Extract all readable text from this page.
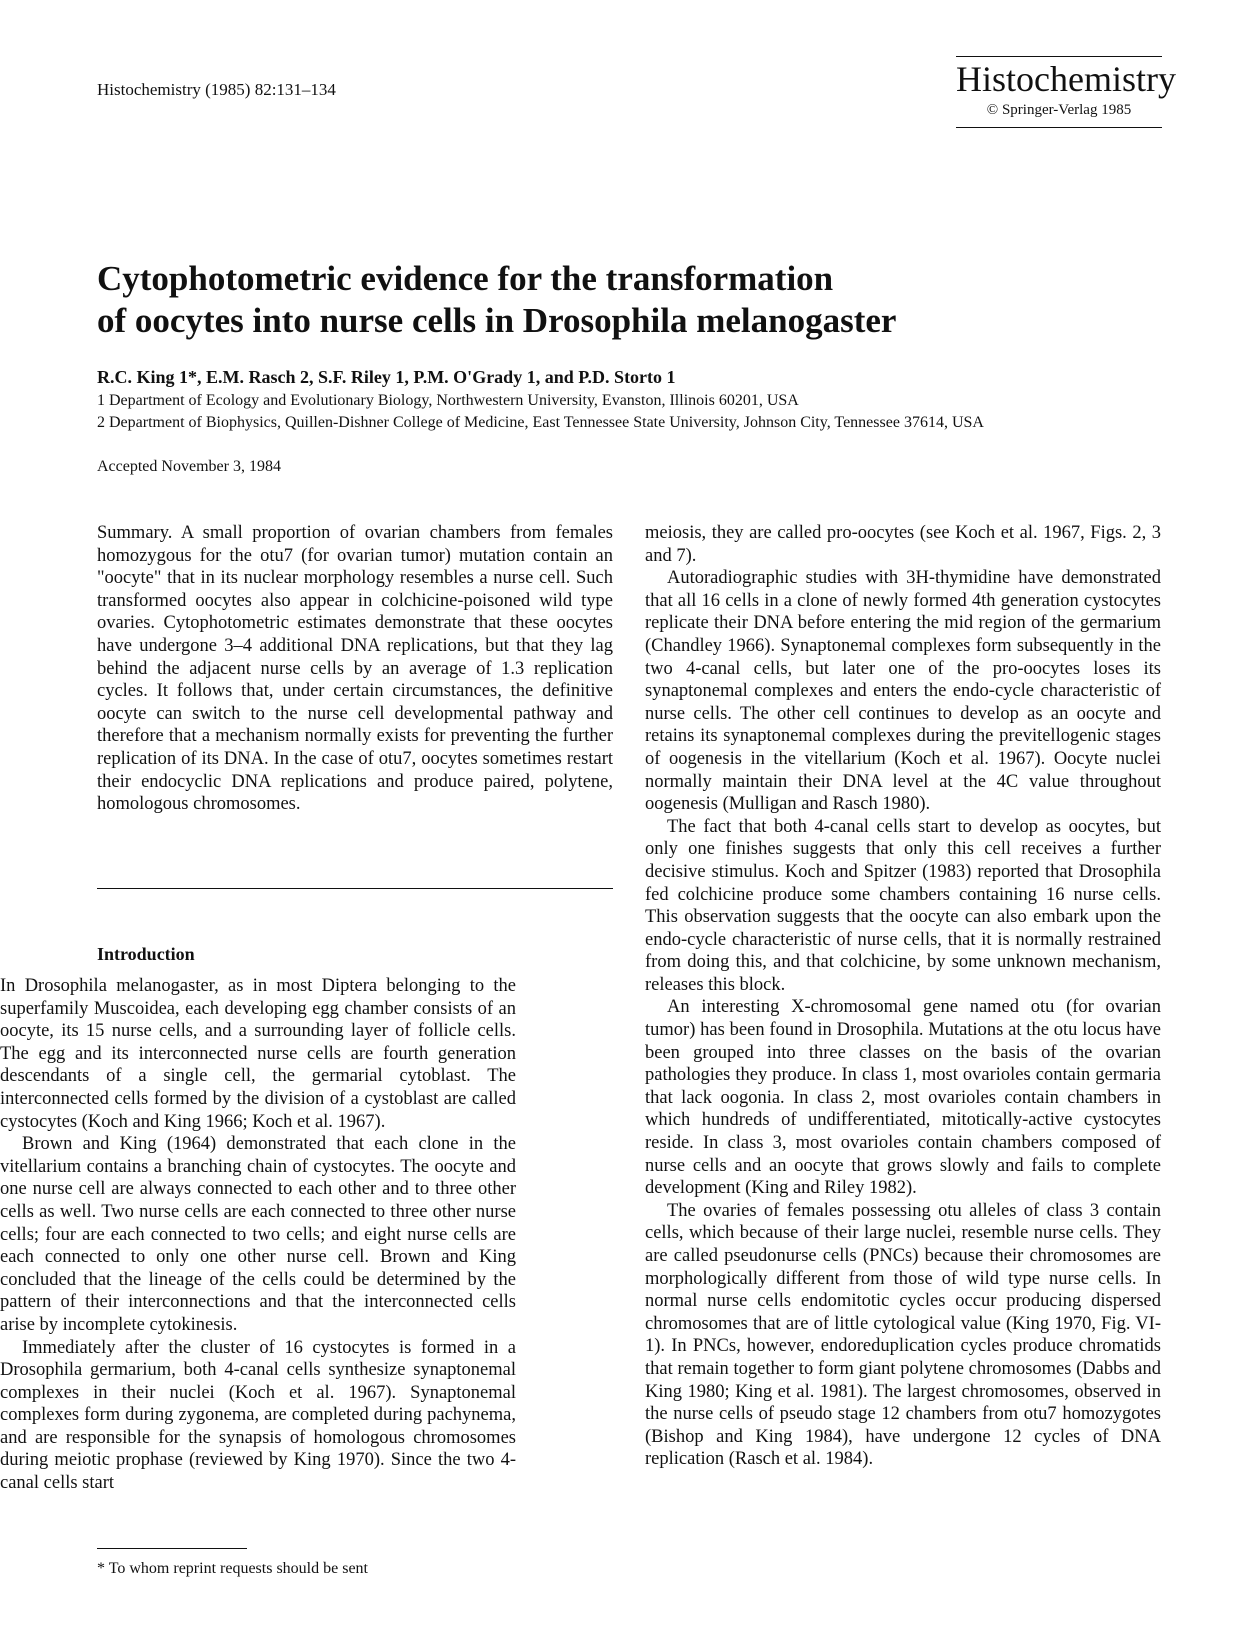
Histochemistry (1985) 82:131–134	Histochemistry
© Springer-Verlag 1985
Cytophotometric evidence for the transformation
of oocytes into nurse cells in Drosophila melanogaster
R.C. King 1*, E.M. Rasch 2, S.F. Riley 1, P.M. O'Grady 1, and P.D. Storto 1
1 Department of Ecology and Evolutionary Biology, Northwestern University, Evanston, Illinois 60201, USA
2 Department of Biophysics, Quillen-Dishner College of Medicine, East Tennessee State University, Johnson City, Tennessee 37614, USA
Accepted November 3, 1984

Summary. A small proportion of ovarian chambers from females homozygous for the otu7 (for ovarian tumor) mutation contain an "oocyte" that in its nuclear morphology resembles a nurse cell. Such transformed oocytes also appear in colchicine-poisoned wild type ovaries. Cytophotometric estimates demonstrate that these oocytes have undergone 3–4 additional DNA replications, but that they lag behind the adjacent nurse cells by an average of 1.3 replication cycles. It follows that, under certain circumstances, the definitive oocyte can switch to the nurse cell developmental pathway and therefore that a mechanism normally exists for preventing the further replication of its DNA. In the case of otu7, oocytes sometimes restart their endocyclic DNA replications and produce paired, polytene, homologous chromosomes.

Introduction

In Drosophila melanogaster, as in most Diptera belonging to the superfamily Muscoidea, each developing egg chamber consists of an oocyte, its 15 nurse cells, and a surrounding layer of follicle cells. The egg and its interconnected nurse cells are fourth generation descendants of a single cell, the germarial cytoblast. The interconnected cells formed by the division of a cystoblast are called cystocytes (Koch and King 1966; Koch et al. 1967).

Brown and King (1964) demonstrated that each clone in the vitellarium contains a branching chain of cystocytes. The oocyte and one nurse cell are always connected to each other and to three other cells as well. Two nurse cells are each connected to three other nurse cells; four are each connected to two cells; and eight nurse cells are each connected to only one other nurse cell. Brown and King concluded that the lineage of the cells could be determined by the pattern of their interconnections and that the interconnected cells arise by incomplete cytokinesis.

Immediately after the cluster of 16 cystocytes is formed in a Drosophila germarium, both 4-canal cells synthesize synaptonemal complexes in their nuclei (Koch et al. 1967). Synaptonemal complexes form during zygonema, are completed during pachynema, and are responsible for the synapsis of homologous chromosomes during meiotic prophase (reviewed by King 1970). Since the two 4-canal cells start

meiosis, they are called pro-oocytes (see Koch et al. 1967, Figs. 2, 3 and 7).

Autoradiographic studies with 3H-thymidine have demonstrated that all 16 cells in a clone of newly formed 4th generation cystocytes replicate their DNA before entering the mid region of the germarium (Chandley 1966). Synaptonemal complexes form subsequently in the two 4-canal cells, but later one of the pro-oocytes loses its synaptonemal complexes and enters the endo-cycle characteristic of nurse cells. The other cell continues to develop as an oocyte and retains its synaptonemal complexes during the previtellogenic stages of oogenesis in the vitellarium (Koch et al. 1967). Oocyte nuclei normally maintain their DNA level at the 4C value throughout oogenesis (Mulligan and Rasch 1980).

The fact that both 4-canal cells start to develop as oocytes, but only one finishes suggests that only this cell receives a further decisive stimulus. Koch and Spitzer (1983) reported that Drosophila fed colchicine produce some chambers containing 16 nurse cells. This observation suggests that the oocyte can also embark upon the endo-cycle characteristic of nurse cells, that it is normally restrained from doing this, and that colchicine, by some unknown mechanism, releases this block.

An interesting X-chromosomal gene named otu (for ovarian tumor) has been found in Drosophila. Mutations at the otu locus have been grouped into three classes on the basis of the ovarian pathologies they produce. In class 1, most ovarioles contain germaria that lack oogonia. In class 2, most ovarioles contain chambers in which hundreds of undifferentiated, mitotically-active cystocytes reside. In class 3, most ovarioles contain chambers composed of nurse cells and an oocyte that grows slowly and fails to complete development (King and Riley 1982).

The ovaries of females possessing otu alleles of class 3 contain cells, which because of their large nuclei, resemble nurse cells. They are called pseudonurse cells (PNCs) because their chromosomes are morphologically different from those of wild type nurse cells. In normal nurse cells endomitotic cycles occur producing dispersed chromosomes that are of little cytological value (King 1970, Fig. VI-1). In PNCs, however, endoreduplication cycles produce chromatids that remain together to form giant polytene chromosomes (Dabbs and King 1980; King et al. 1981). The largest chromosomes, observed in the nurse cells of pseudo stage 12 chambers from otu7 homozygotes (Bishop and King 1984), have undergone 12 cycles of DNA replication (Rasch et al. 1984).

* To whom reprint requests should be sent
